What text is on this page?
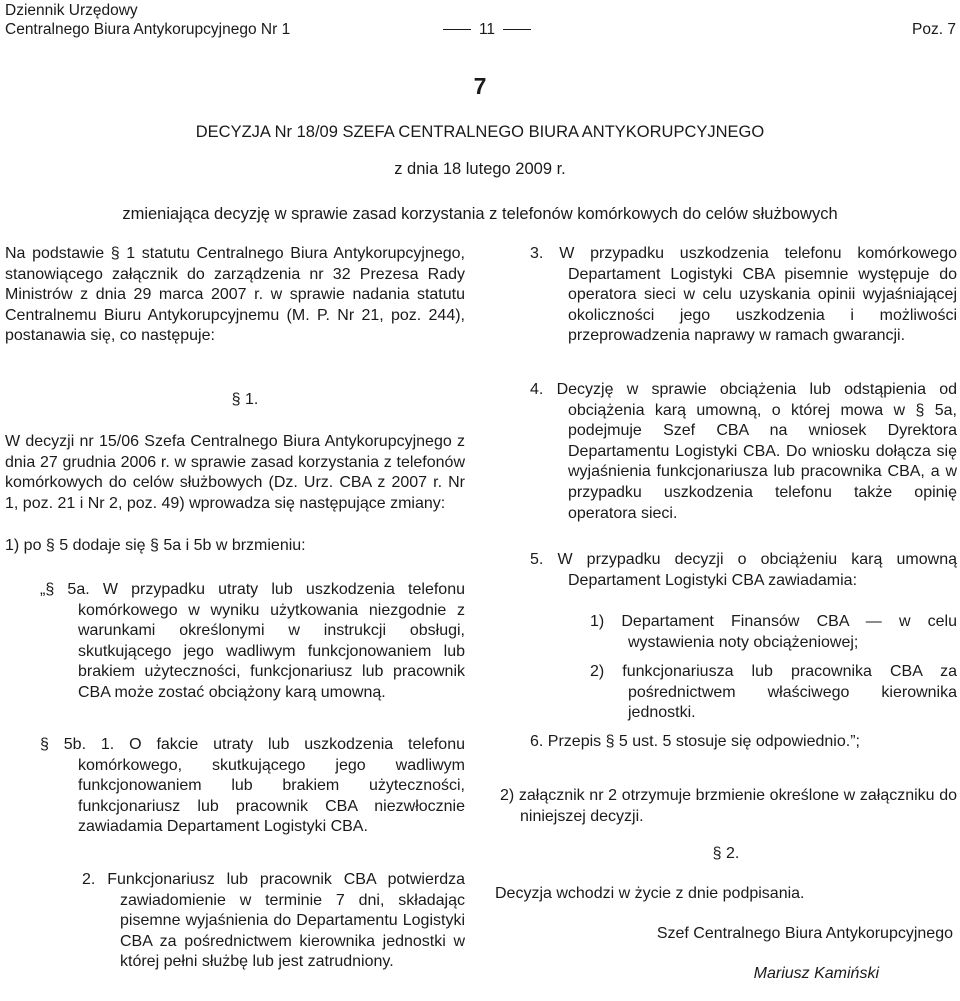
Dziennik Urzędowy
Centralnego Biura Antykorupcyjnego Nr 1	11	Poz. 7
7
DECYZJA Nr 18/09 SZEFA CENTRALNEGO BIURA ANTYKORUPCYJNEGO
z dnia 18 lutego 2009 r.
zmieniająca decyzję w sprawie zasad korzystania z telefonów komórkowych do celów służbowych

Na podstawie § 1 statutu Centralnego Biura Antykorupcyjnego, stanowiącego załącznik do zarządzenia nr 32 Prezesa Rady Ministrów z dnia 29 marca 2007 r. w sprawie nadania statutu Centralnemu Biuru Antykorupcyjnemu (M. P. Nr 21, poz. 244), postanawia się, co następuje:

§ 1.

W decyzji nr 15/06 Szefa Centralnego Biura Antykorupcyjnego z dnia 27 grudnia 2006 r. w sprawie zasad korzystania z telefonów komórkowych do celów służbowych (Dz. Urz. CBA z 2007 r. Nr 1, poz. 21 i Nr 2, poz. 49) wprowadza się następujące zmiany:

1) po § 5 dodaje się § 5a i 5b w brzmieniu:

„§ 5a. W przypadku utraty lub uszkodzenia telefonu komórkowego w wyniku użytkowania niezgodnie z warunkami określonymi w instrukcji obsługi, skutkującego jego wadliwym funkcjonowaniem lub brakiem użyteczności, funkcjonariusz lub pracownik CBA może zostać obciążony karą umowną.

§ 5b. 1. O fakcie utraty lub uszkodzenia telefonu komórkowego, skutkującego jego wadliwym funkcjonowaniem lub brakiem użyteczności, funkcjonariusz lub pracownik CBA niezwłocznie zawiadamia Departament Logistyki CBA.

2. Funkcjonariusz lub pracownik CBA potwierdza zawiadomienie w terminie 7 dni, składając pisemne wyjaśnienia do Departamentu Logistyki CBA za pośrednictwem kierownika jednostki w której pełni służbę lub jest zatrudniony.

3. W przypadku uszkodzenia telefonu komórkowego Departament Logistyki CBA pisemnie występuje do operatora sieci w celu uzyskania opinii wyjaśniającej okoliczności jego uszkodzenia i możliwości przeprowadzenia naprawy w ramach gwarancji.

4. Decyzję w sprawie obciążenia lub odstąpienia od obciążenia karą umowną, o której mowa w § 5a, podejmuje Szef CBA na wniosek Dyrektora Departamentu Logistyki CBA. Do wniosku dołącza się wyjaśnienia funkcjonariusza lub pracownika CBA, a w przypadku uszkodzenia telefonu także opinię operatora sieci.

5. W przypadku decyzji o obciążeniu karą umowną Departament Logistyki CBA zawiadamia:

1) Departament Finansów CBA — w celu wystawienia noty obciążeniowej;

2) funkcjonariusza lub pracownika CBA za pośrednictwem właściwego kierownika jednostki.

6. Przepis § 5 ust. 5 stosuje się odpowiednio.”;

2) załącznik nr 2 otrzymuje brzmienie określone w załączniku do niniejszej decyzji.

§ 2.

Decyzja wchodzi w życie z dnie podpisania.

Szef Centralnego Biura Antykorupcyjnego

Mariusz Kamiński
